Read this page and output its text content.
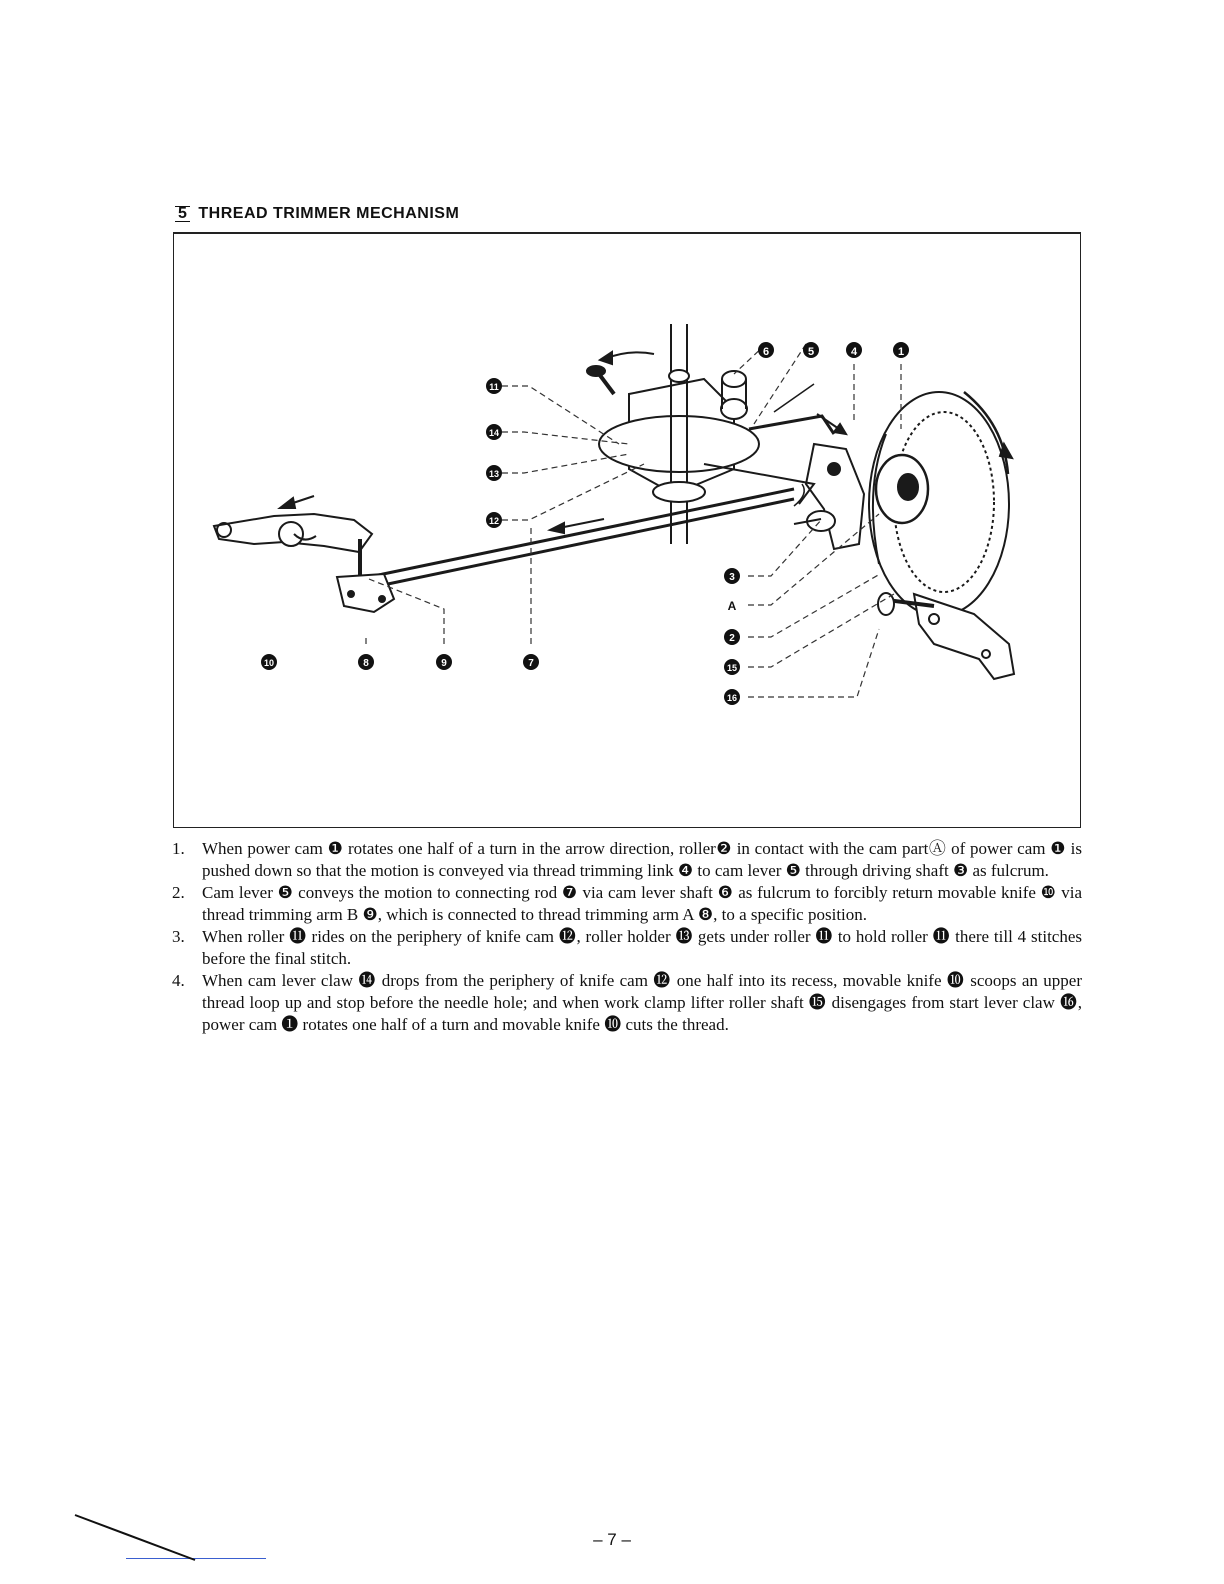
5 THREAD TRIMMER MECHANISM
6	5	4	1
11
14
13
12
10	8	9	7
3
A
2
15
16
1. When power cam ❶ rotates one half of a turn in the arrow direction, roller❷ in contact with the cam partⒶ of power cam ❶ is pushed down so that the motion is conveyed via thread trimming link ❹ to cam lever ❺ through driving shaft ❸ as fulcrum.
2. Cam lever ❺ conveys the motion to connecting rod ❼ via cam lever shaft ❻ as fulcrum to forcibly return movable knife ❿ via thread trimming arm B ❾, which is connected to thread trimming arm A ❽, to a specific position.
3. When roller ⓫ rides on the periphery of knife cam ⓬, roller holder ⓭ gets under roller ⓫ to hold roller ⓫ there till 4 stitches before the final stitch.
4. When cam lever claw ⓮ drops from the periphery of knife cam ⓬ one half into its recess, movable knife ❿ scoops an upper thread loop up and stop before the needle hole; and when work clamp lifter roller shaft ⓯ disengages from start lever claw ⓰, power cam ❶ rotates one half of a turn and movable knife ❿ cuts the thread.
– 7 –
